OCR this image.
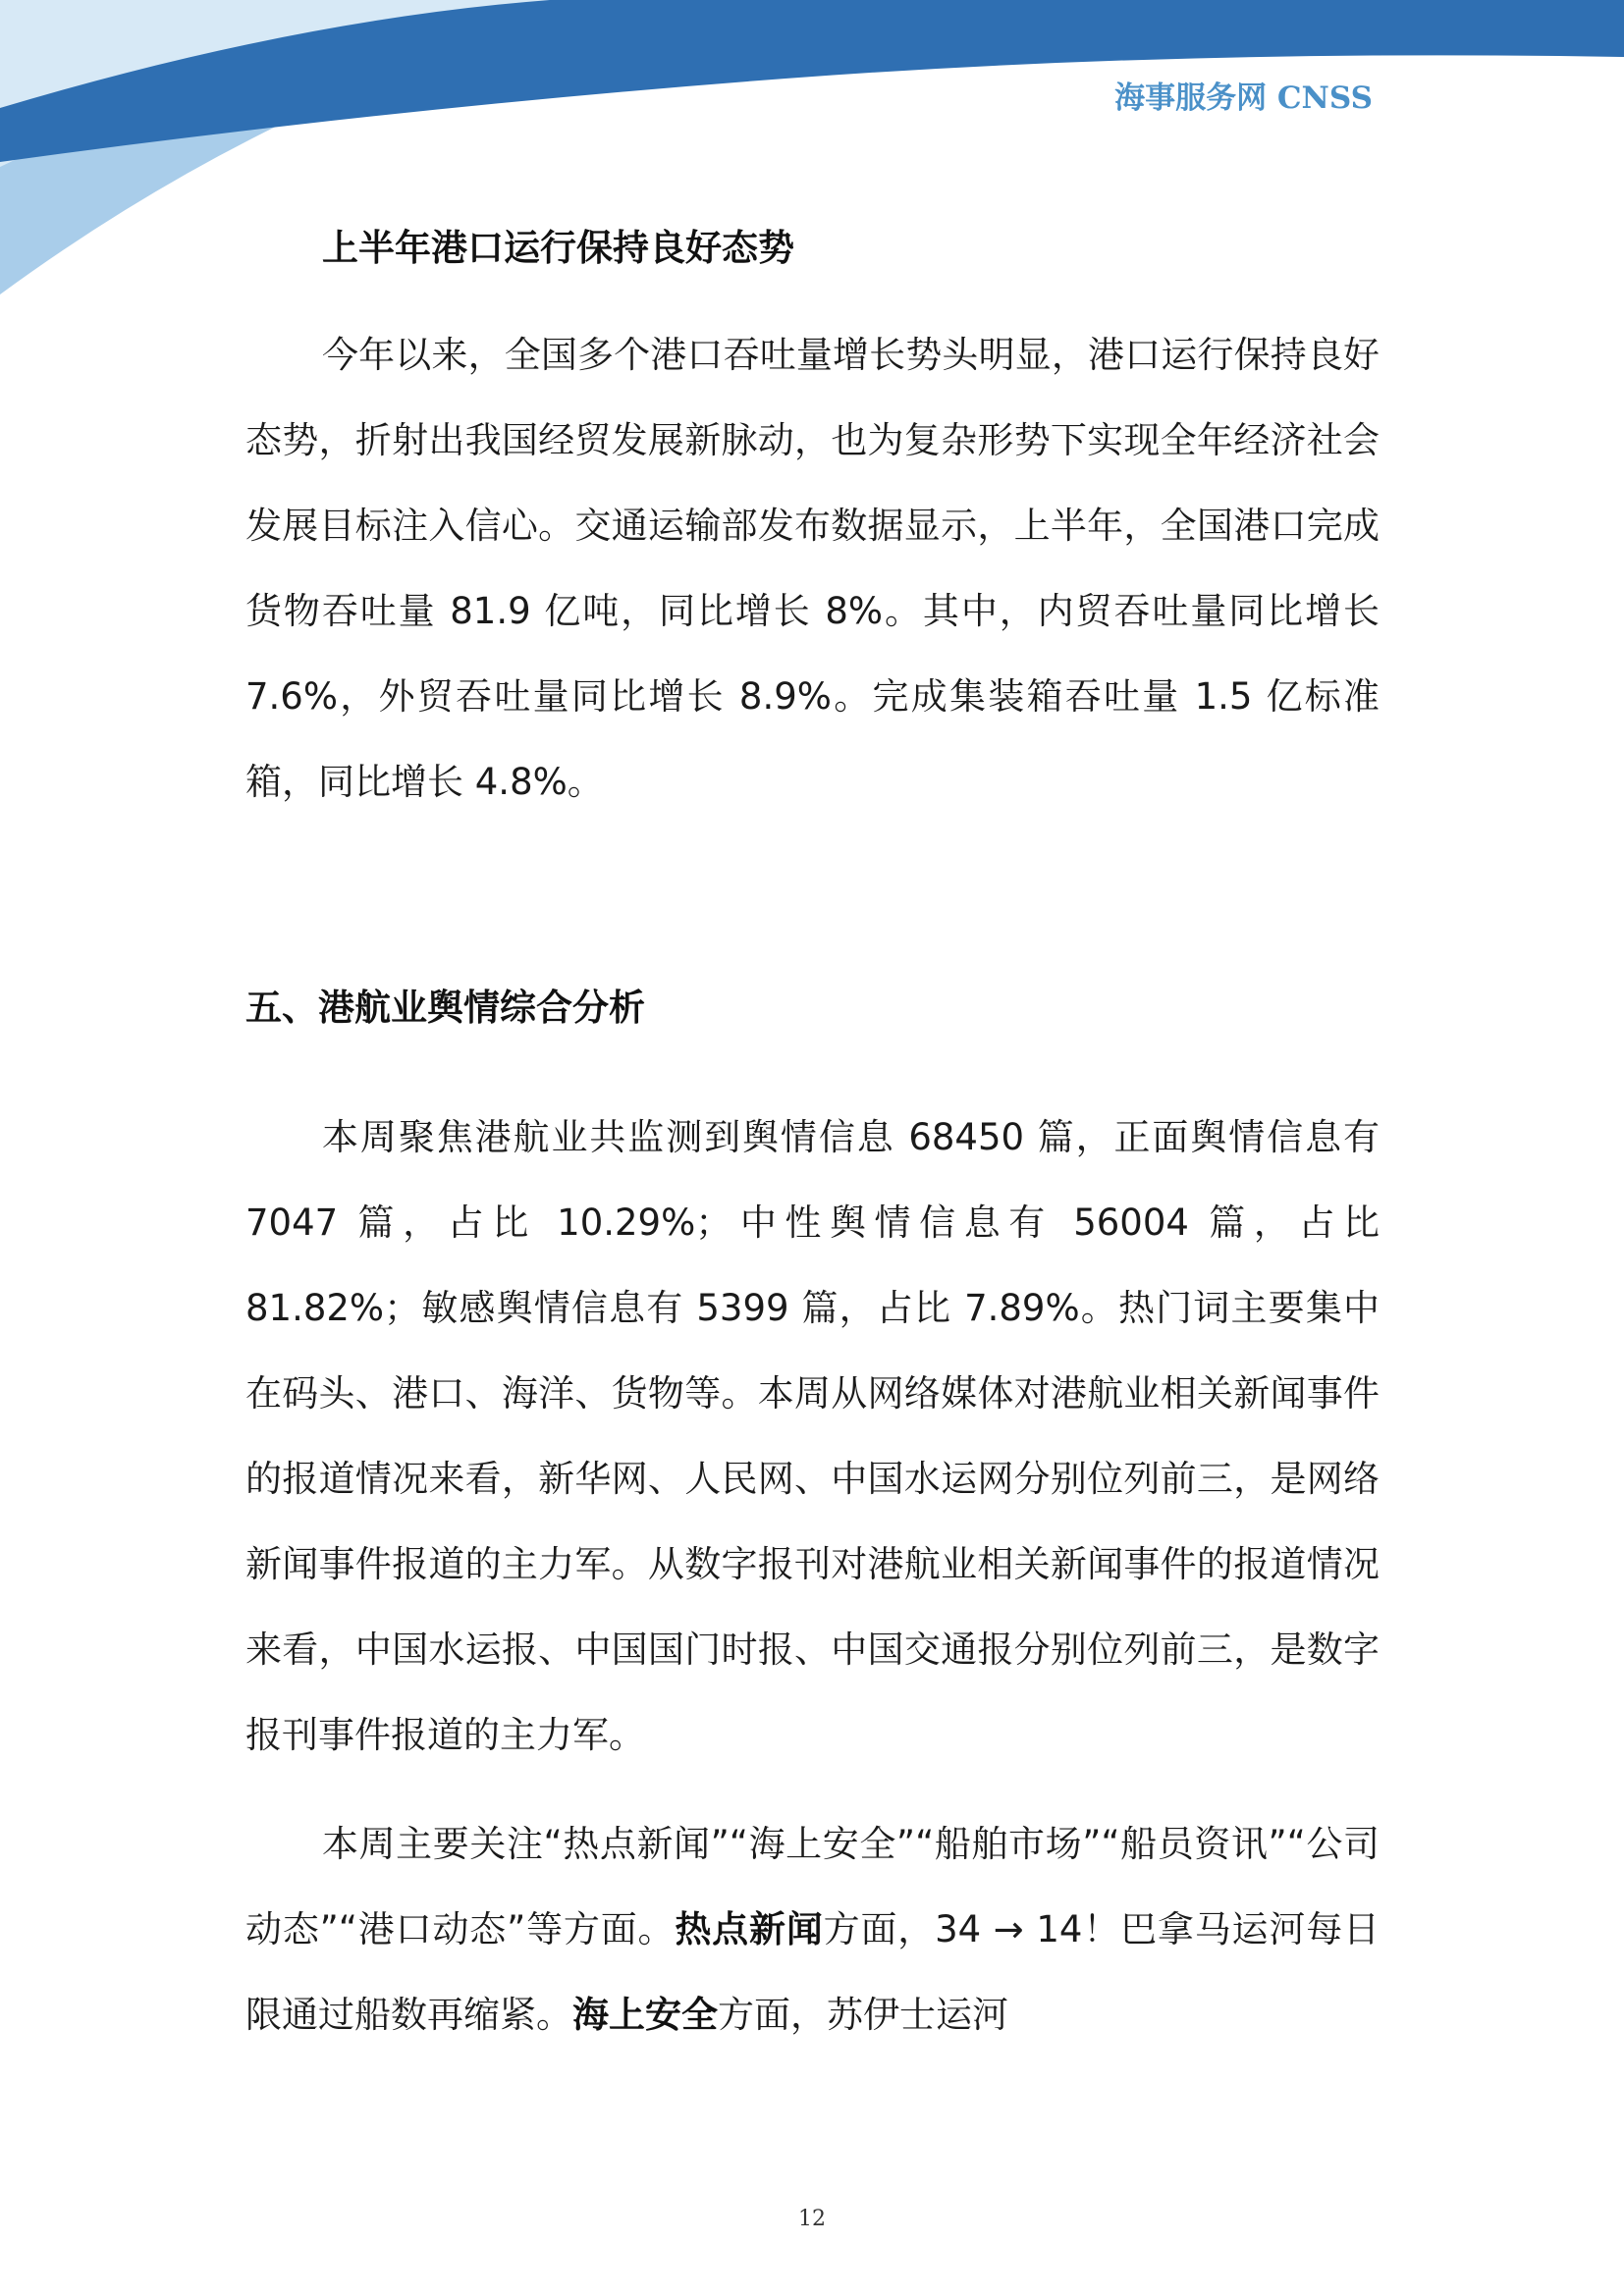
海事服务网 CNSS
上半年港口运行保持良好态势

今年以来，全国多个港口吞吐量增长势头明显，港口运行保持良好态势，折射出我国经贸发展新脉动，也为复杂形势下实现全年经济社会发展目标注入信心。交通运输部发布数据显示，上半年，全国港口完成货物吞吐量 81.9 亿吨，同比增长 8%。其中，内贸吞吐量同比增长 7.6%，外贸吞吐量同比增长 8.9%。完成集装箱吞吐量 1.5 亿标准箱，同比增长 4.8%。

五、港航业舆情综合分析

本周聚焦港航业共监测到舆情信息 68450 篇，正面舆情信息有 7047 篇，占比 10.29%；中性舆情信息有 56004 篇，占比 81.82%；敏感舆情信息有 5399 篇，占比 7.89%。热门词主要集中在码头、港口、海洋、货物等。本周从网络媒体对港航业相关新闻事件的报道情况来看，新华网、人民网、中国水运网分别位列前三，是网络新闻事件报道的主力军。从数字报刊对港航业相关新闻事件的报道情况来看，中国水运报、中国国门时报、中国交通报分别位列前三，是数字报刊事件报道的主力军。

本周主要关注“热点新闻”“海上安全”“船舶市场”“船员资讯”“公司动态”“港口动态”等方面。热点新闻方面，34 → 14！巴拿马运河每日限通过船数再缩紧。海上安全方面，苏伊士运河

12
